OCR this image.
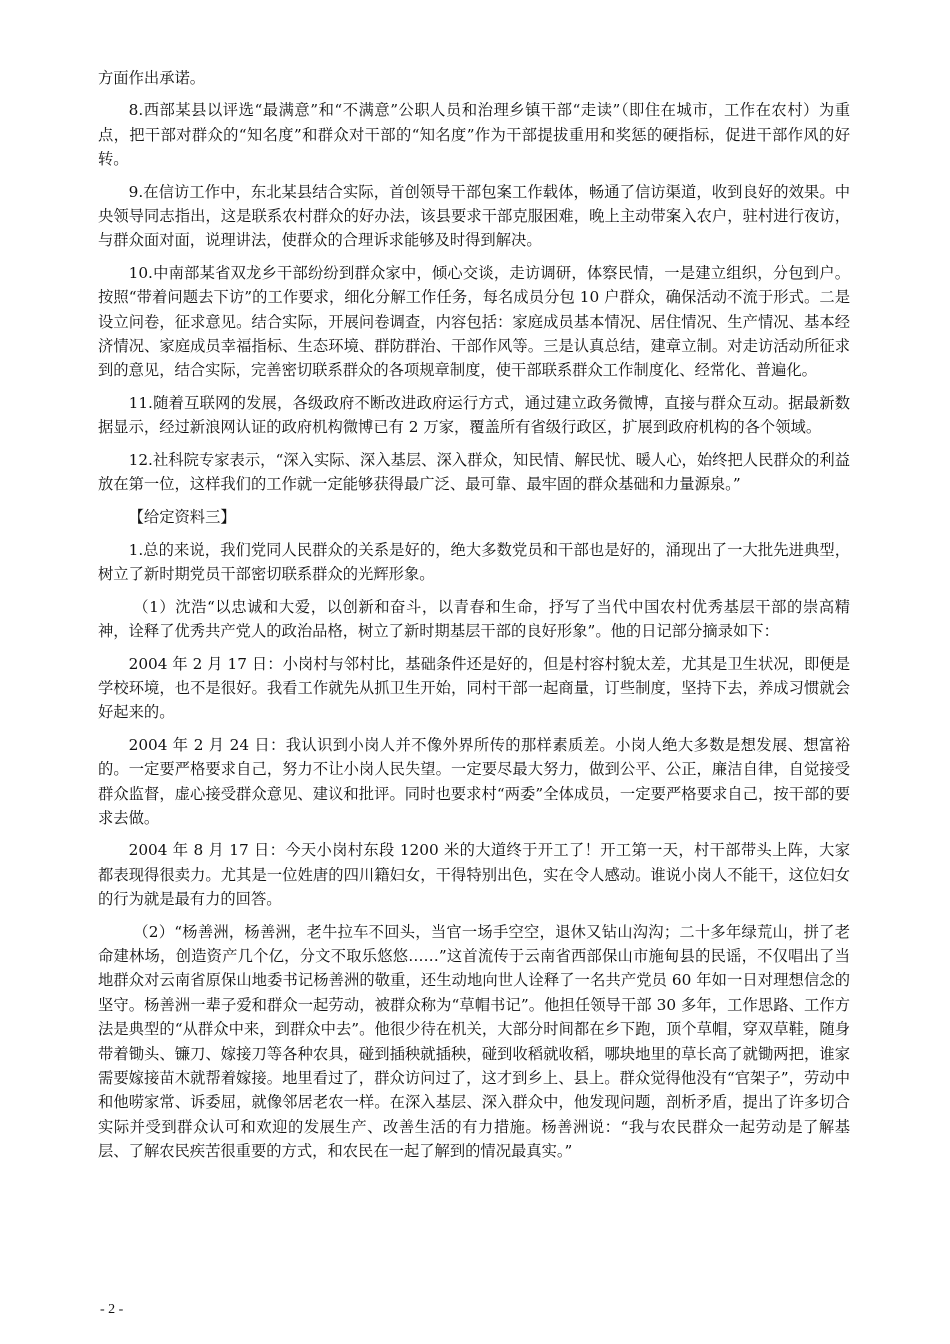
方面作出承诺。

8.西部某县以评选“最满意”和“不满意”公职人员和治理乡镇干部“走读”（即住在城市，工作在农村）为重点，把干部对群众的“知名度”和群众对干部的“知名度”作为干部提拔重用和奖惩的硬指标，促进干部作风的好转。

9.在信访工作中，东北某县结合实际，首创领导干部包案工作载体，畅通了信访渠道，收到良好的效果。中央领导同志指出，这是联系农村群众的好办法，该县要求干部克服困难，晚上主动带案入农户，驻村进行夜访，与群众面对面，说理讲法，使群众的合理诉求能够及时得到解决。

10.中南部某省双龙乡干部纷纷到群众家中，倾心交谈，走访调研，体察民情，一是建立组织，分包到户。按照“带着问题去下访”的工作要求，细化分解工作任务，每名成员分包 10 户群众，确保活动不流于形式。二是设立问卷，征求意见。结合实际，开展问卷调查，内容包括：家庭成员基本情况、居住情况、生产情况、基本经济情况、家庭成员幸福指标、生态环境、群防群治、干部作风等。三是认真总结，建章立制。对走访活动所征求到的意见，结合实际，完善密切联系群众的各项规章制度，使干部联系群众工作制度化、经常化、普遍化。

11.随着互联网的发展，各级政府不断改进政府运行方式，通过建立政务微博，直接与群众互动。据最新数据显示，经过新浪网认证的政府机构微博已有 2 万家，覆盖所有省级行政区，扩展到政府机构的各个领域。

12.社科院专家表示，“深入实际、深入基层、深入群众，知民情、解民忧、暖人心，始终把人民群众的利益放在第一位，这样我们的工作就一定能够获得最广泛、最可靠、最牢固的群众基础和力量源泉。”

【给定资料三】

1.总的来说，我们党同人民群众的关系是好的，绝大多数党员和干部也是好的，涌现出了一大批先进典型，树立了新时期党员干部密切联系群众的光辉形象。

（1）沈浩“以忠诚和大爱，以创新和奋斗，以青春和生命，抒写了当代中国农村优秀基层干部的崇高精神，诠释了优秀共产党人的政治品格，树立了新时期基层干部的良好形象”。他的日记部分摘录如下：

2004 年 2 月 17 日：小岗村与邻村比，基础条件还是好的，但是村容村貌太差，尤其是卫生状况，即便是学校环境，也不是很好。我看工作就先从抓卫生开始，同村干部一起商量，订些制度，坚持下去，养成习惯就会好起来的。

2004 年 2 月 24 日：我认识到小岗人并不像外界所传的那样素质差。小岗人绝大多数是想发展、想富裕的。一定要严格要求自己，努力不让小岗人民失望。一定要尽最大努力，做到公平、公正，廉洁自律，自觉接受群众监督，虚心接受群众意见、建议和批评。同时也要求村“两委”全体成员，一定要严格要求自己，按干部的要求去做。

2004 年 8 月 17 日：今天小岗村东段 1200 米的大道终于开工了！开工第一天，村干部带头上阵，大家都表现得很卖力。尤其是一位姓唐的四川籍妇女，干得特别出色，实在令人感动。谁说小岗人不能干，这位妇女的行为就是最有力的回答。

（2）“杨善洲，杨善洲，老牛拉车不回头，当官一场手空空，退休又钻山沟沟；二十多年绿荒山，拼了老命建林场，创造资产几个亿，分文不取乐悠悠……”这首流传于云南省西部保山市施甸县的民谣，不仅唱出了当地群众对云南省原保山地委书记杨善洲的敬重，还生动地向世人诠释了一名共产党员 60 年如一日对理想信念的坚守。杨善洲一辈子爱和群众一起劳动，被群众称为“草帽书记”。他担任领导干部 30 多年，工作思路、工作方法是典型的“从群众中来，到群众中去”。他很少待在机关，大部分时间都在乡下跑，顶个草帽，穿双草鞋，随身带着锄头、镰刀、嫁接刀等各种农具，碰到插秧就插秧，碰到收稻就收稻，哪块地里的草长高了就锄两把，谁家需要嫁接苗木就帮着嫁接。地里看过了，群众访问过了，这才到乡上、县上。群众觉得他没有“官架子”，劳动中和他唠家常、诉委屈，就像邻居老农一样。在深入基层、深入群众中，他发现问题，剖析矛盾，提出了许多切合实际并受到群众认可和欢迎的发展生产、改善生活的有力措施。杨善洲说：“我与农民群众一起劳动是了解基层、了解农民疾苦很重要的方式，和农民在一起了解到的情况最真实。”

- 2 -
